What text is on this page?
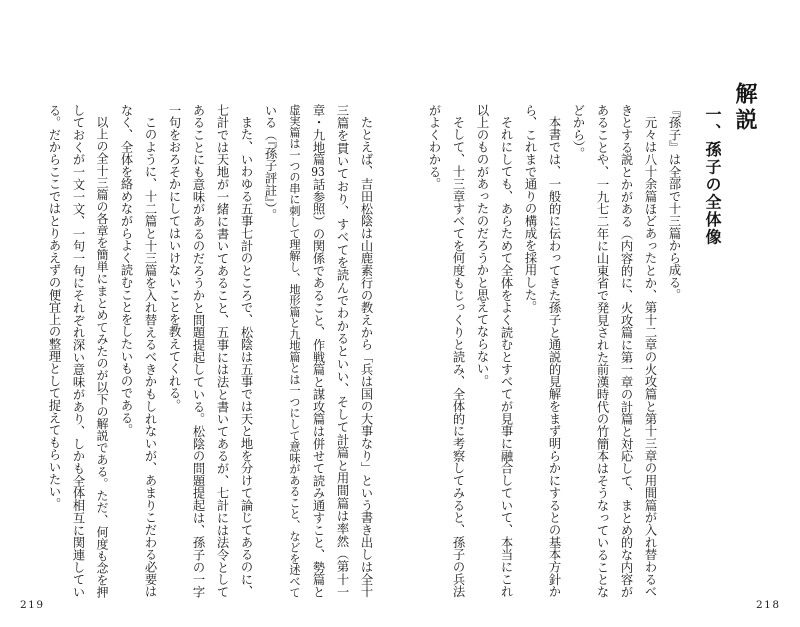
たとえば、吉田松陰は山鹿素行の教えから「兵は国の大事なり」という書き出しは全十
三篇を貫いており、すべてを読んでわかるといい、そして計篇と用間篇は率然（第十一
章・九地篇93話参照）の関係であること、作戦篇と謀攻篇は併せて読み通すこと、勢篇と
虚実篇は一つの串に刺して理解し、地形篇と九地篇とは一つにして意味があること、などを述べて
いる（『孫子評註』）。
また、いわゆる五事七計のところで、松陰は五事では天と地を分けて論じてあるのに、
七計では天地が一緒に書いてあること、五事には法と書いてあるが、七計には法令として
あることにも意味があるのだろうかと問題提起している。松陰の問題提起は、孫子の一字
一句をおろそかにしてはいけないことを教えてくれる。
このように、十二篇と十三篇を入れ替えるべきかもしれないが、あまりこだわる必要は
なく、全体を絡めながらよく読むことをしたいものである。
以上の全十三篇の各章を簡単にまとめてみたのが以下の解説である。ただ、何度も念を押
しておくが一文一文、一句一句にそれぞれ深い意味があり、しかも全体相互に関連してい
る。だからここではとりあえずの便宜上の整理として捉えてもらいたい。
219
解説
一、孫子の全体像
『孫子』は全部で十三篇から成る。
元々は八十余篇ほどあったとか、第十二章の火攻篇と第十三章の用間篇が入れ替わるべ
きとする説とかがある（内容的に、火攻篇に第一章の計篇と対応して、まとめ的な内容が
あることや、一九七二年に山東省で発見された前漢時代の竹簡本はそうなっていることな
どから）。
本書では、一般的に伝わってきた孫子と通説的見解をまず明らかにするとの基本方針か
ら、これまで通りの構成を採用した。
それにしても、あらためて全体をよく読むとすべてが見事に融合していて、本当にこれ
以上のものがあったのだろうかと思えてならない。
そして、十三章すべてを何度もじっくりと読み、全体的に考察してみると、孫子の兵法
がよくわかる。
218
